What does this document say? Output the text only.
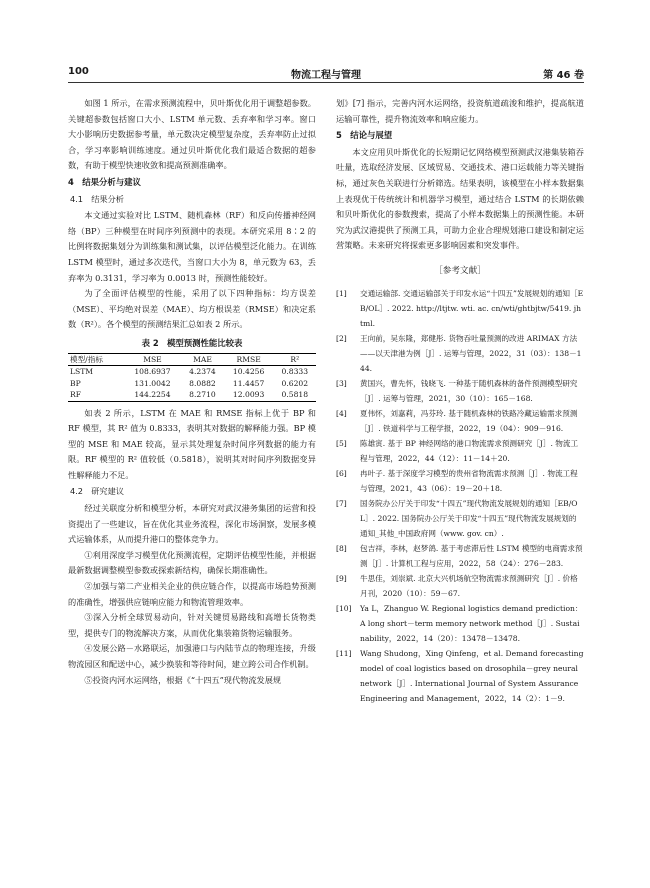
100	物流工程与管理	第 46 卷

如图 1 所示，在需求预测流程中，贝叶斯优化用于调整超参数。关键超参数包括窗口大小、LSTM 单元数、丢弃率和学习率。窗口大小影响历史数据参考量，单元数决定模型复杂度，丢弃率防止过拟合，学习率影响训练速度。通过贝叶斯优化我们最适合数据的超参数，有助于模型快速收敛和提高预测准确率。

4　结果分析与建议
4.1　结果分析

本文通过实验对比 LSTM、随机森林（RF）和反向传播神经网络（BP）三种模型在时间序列预测中的表现。本研究采用 8∶2 的比例将数据集划分为训练集和测试集，以评估模型泛化能力。在训练 LSTM 模型时，通过多次迭代，当窗口大小为 8，单元数为 63，丢弃率为 0.3131，学习率为 0.0013 时，预测性能较好。

为了全面评估模型的性能，采用了以下四种指标：均方误差（MSE）、平均绝对误差（MAE）、均方根误差（RMSE）和决定系数（R²）。各个模型的预测结果汇总如表 2 所示。

表 2　模型预测性能比较表
模型/指标	MSE	MAE	RMSE	R²
LSTM	108.6937	4.2374	10.4256	0.8333
BP	131.0042	8.0882	11.4457	0.6202
RF	144.2254	8.2710	12.0093	0.5818

如表 2 所示，LSTM 在 MAE 和 RMSE 指标上优于 BP 和 RF 模型，其 R² 值为 0.8333，表明其对数据的解释能力强。BP 模型的 MSE 和 MAE 较高，显示其处理复杂时间序列数据的能力有限。RF 模型的 R² 值较低（0.5818），说明其对时间序列数据变异性解释能力不足。

4.2　研究建议

经过关联度分析和模型分析，本研究对武汉港务集团的运营和投资提出了一些建议，旨在优化其业务流程，深化市场洞察，发展多模式运输体系，从而提升港口的整体竞争力。

①利用深度学习模型优化预测流程，定期评估模型性能，并根据最新数据调整模型参数或探索新结构，确保长期准确性。

②加强与第二产业相关企业的供应链合作，以提高市场趋势预测的准确性，增强供应链响应能力和物流管理效率。

③深入分析全球贸易动向，针对关键贸易路线和高增长货物类型，提供专门的物流解决方案，从而优化集装箱货物运输服务。

④发展公路－水路联运，加强港口与内陆节点的物理连接，升级物流园区和配送中心，减少换装和等待时间，建立跨公司合作机制。

⑤投资内河水运网络，根据《“十四五”现代物流发展规

划》[7] 指示，完善内河水运网络，投资航道疏浚和维护，提高航道运输可靠性，提升物流效率和响应能力。

5　结论与展望

本文应用贝叶斯优化的长短期记忆网络模型预测武汉港集装箱吞吐量，选取经济发展、区域贸易、交通技术、港口运载能力等关键指标，通过灰色关联进行分析筛选。结果表明，该模型在小样本数据集上表现优于传统统计和机器学习模型，通过结合 LSTM 的长期依赖和贝叶斯优化的参数搜索，提高了小样本数据集上的预测性能。本研究为武汉港提供了预测工具，可助力企业合理规划港口建设和制定运营策略。未来研究将探索更多影响因素和突发事件。

［参考文献］
[1] 交通运输部. 交通运输部关于印发水运“十四五”发展规划的通知［EB/OL］. 2022. http://ltjtw. wti. ac. cn/wti/ghtbjtw/5419. jhtml.
[2] 王向前，吴东隆，郑健彤. 货物吞吐量预测的改进 ARIMAX 方法——以天津港为例［J］. 运筹与管理，2022，31（03）：138－144.
[3] 黄国兴，曹先怀，钱晓飞. 一种基于随机森林的备件预测模型研究［J］. 运筹与管理，2021，30（10）：165－168.
[4] 夏伟怀，刘嘉莉，冯芬玲. 基于随机森林的铁路冷藏运输需求预测［J］. 铁道科学与工程学报，2022，19（04）：909－916.
[5] 陈雄寅. 基于 BP 神经网络的港口物流需求预测研究［J］. 物流工程与管理，2022，44（12）：11－14＋20.
[6] 冉叶子. 基于深度学习模型的贵州省物流需求预测［J］. 物流工程与管理，2021，43（06）：19－20＋18.
[7] 国务院办公厅关于印发“十四五”现代物流发展规划的通知［EB/OL］. 2022. 国务院办公厅关于印发“十四五”现代物流发展规划的通知_其他_中国政府网（www. gov. cn）.
[8] 包吉祥，李林，赵梦鸽. 基于考虑滞后性 LSTM 模型的电商需求预测［J］. 计算机工程与应用，2022，58（24）：276－283.
[9] 牛思佳，刘崇斌. 北京大兴机场航空物流需求预测研究［J］. 价格月刊，2020（10）：59－67.
[10] Ya L，Zhanguo W. Regional logistics demand prediction：A long short－term memory network method［J］. Sustainability，2022，14（20）：13478－13478.
[11] Wang Shudong，Xing Qinfeng，et al. Demand forecasting model of coal logistics based on drosophila－grey neural network［J］. International Journal of System Assurance Engineering and Management，2022，14（2）：1－9.
